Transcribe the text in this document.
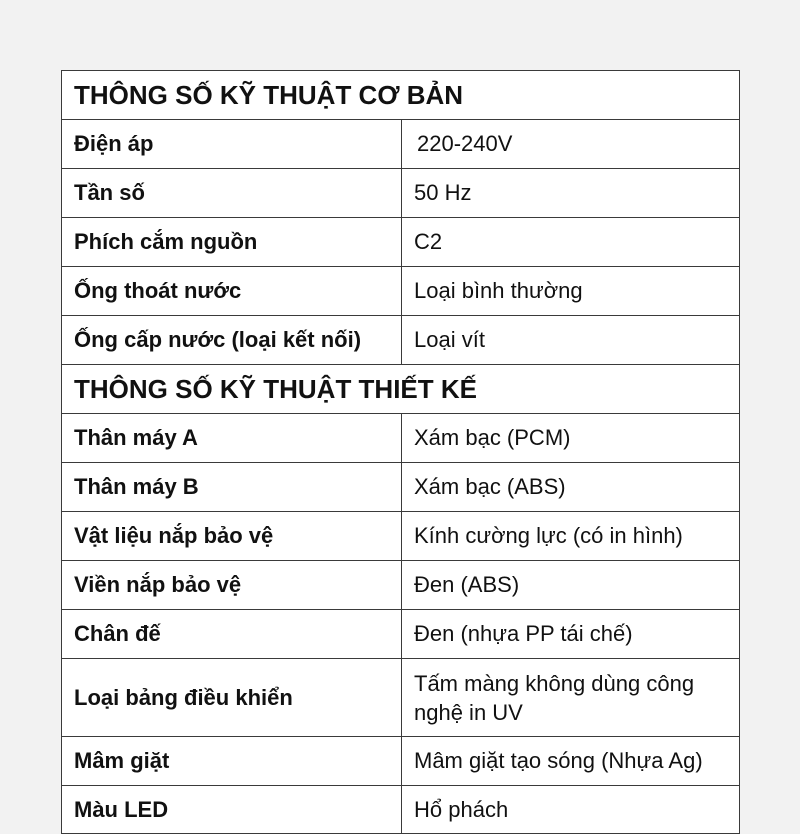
THÔNG SỐ KỸ THUẬT CƠ BẢN	
Điện áp	220-240V
Tần số	50 Hz
Phích cắm nguồn	C2
Ống thoát nước	Loại bình thường
Ống cấp nước (loại kết nối)	Loại vít
THÔNG SỐ KỸ THUẬT THIẾT KẾ	
Thân máy A	Xám bạc (PCM)
Thân máy B	Xám bạc (ABS)
Vật liệu nắp bảo vệ	Kính cường lực (có in hình)
Viền nắp bảo vệ	Đen (ABS)
Chân đế	Đen (nhựa PP tái chế)
Loại bảng điều khiển	Tấm màng không dùng công nghệ in UV
Mâm giặt	Mâm giặt tạo sóng (Nhựa Ag)
Màu LED	Hổ phách
